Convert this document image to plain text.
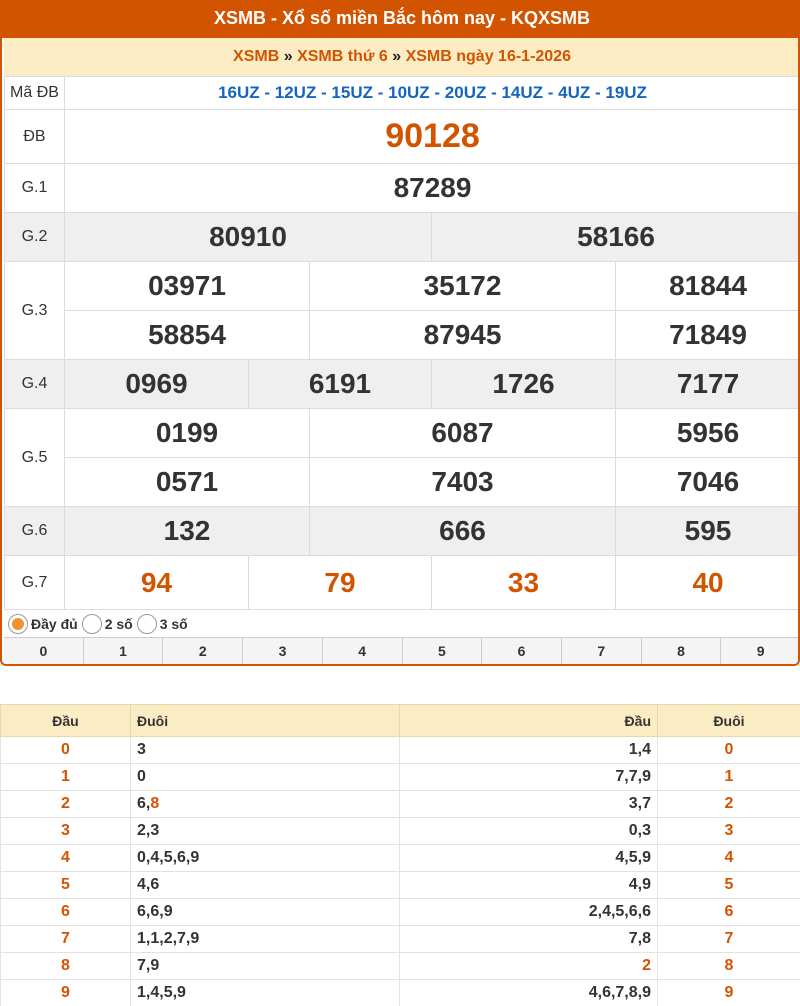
XSMB - Xổ số miền Bắc hôm nay - KQXSMB
XSMB » XSMB thứ 6 » XSMB ngày 16-1-2026
Mã ĐB	16UZ - 12UZ - 15UZ - 10UZ - 20UZ - 14UZ - 4UZ - 19UZ				
ĐB	90128				
G.1	87289				
G.2	80910			58166	
G.3	03971		35172		81844
	58854		87945		71849
G.4	0969	6191		1726	7177
G.5	0199		6087		5956
	0571		7403		7046
G.6	132		666		595
G.7	94	79		33	40
Đầy đủ 2 số 3 số
0	1	2	3	4	5	6	7	8	9
Đầu	Đuôi	Đầu	Đuôi
0	3	1,4	0
1	0	7,7,9	1
2	6,8	3,7	2
3	2,3	0,3	3
4	0,4,5,6,9	4,5,9	4
5	4,6	4,9	5
6	6,6,9	2,4,5,6,6	6
7	1,1,2,7,9	7,8	7
8	7,9	2	8
9	1,4,5,9	4,6,7,8,9	9
